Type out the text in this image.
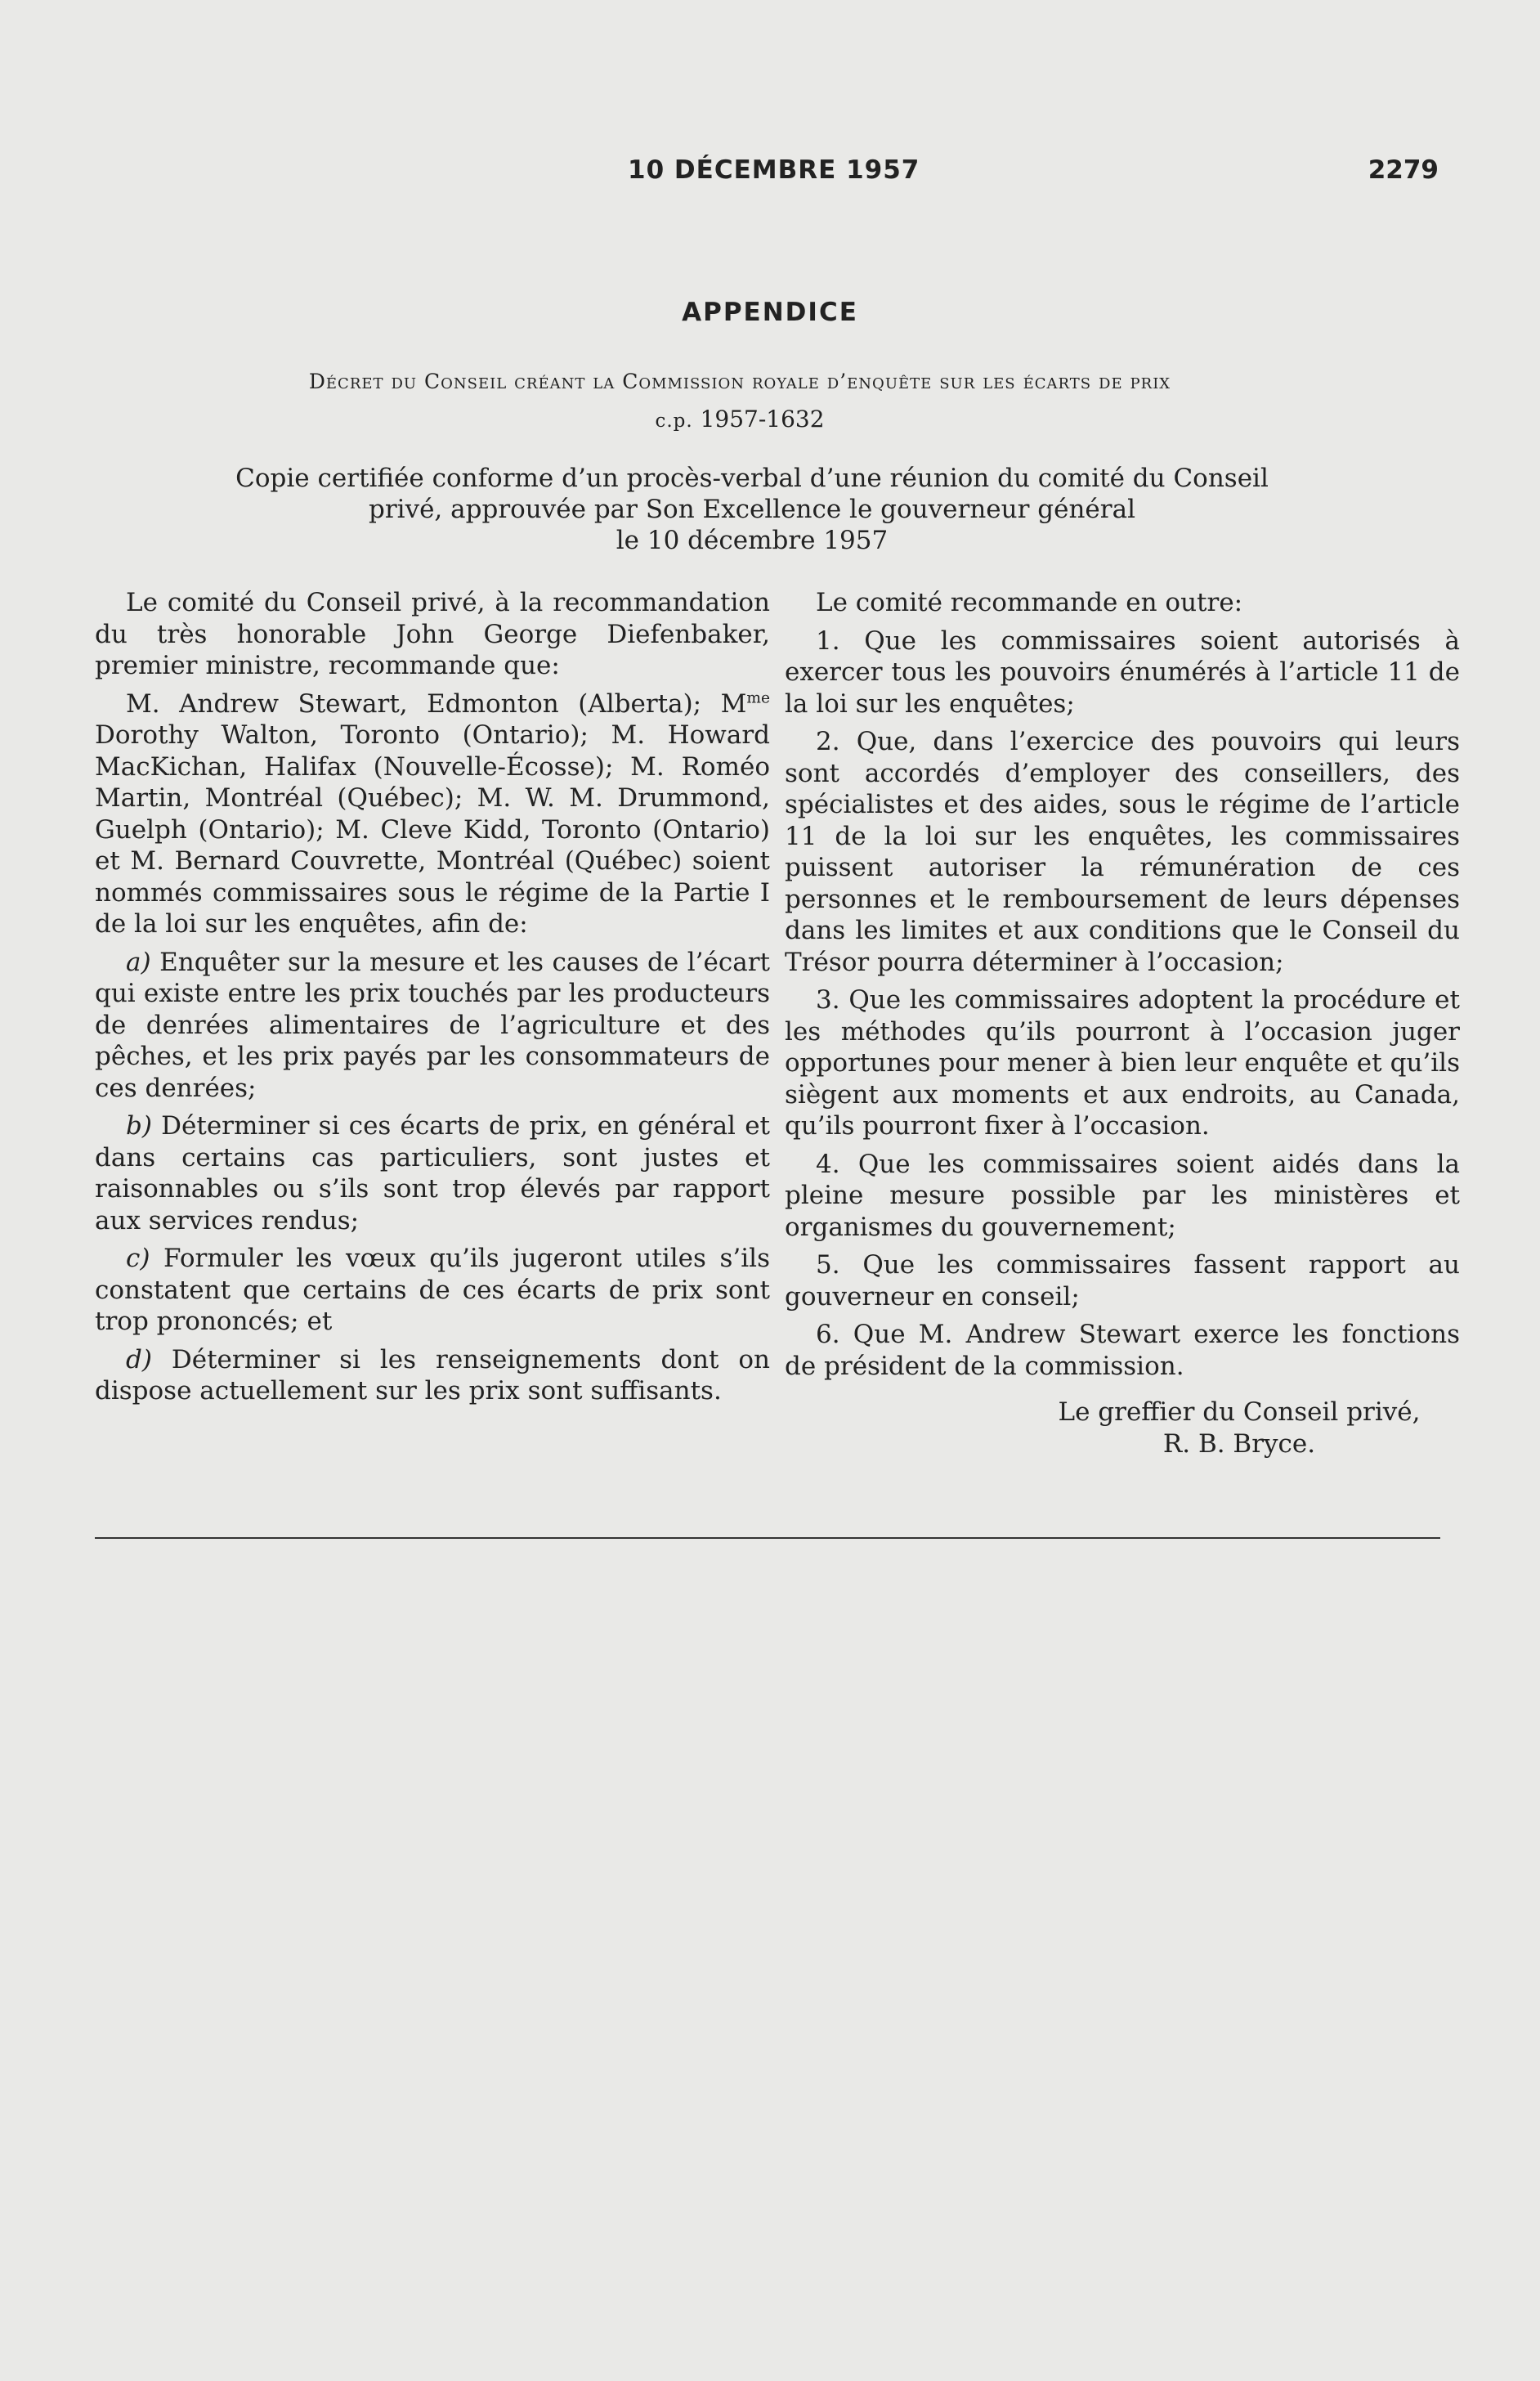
10 DÉCEMBRE 1957	2279
APPENDICE
Décret du Conseil créant la Commission royale d’enquête sur les écarts de prix
c.p. 1957-1632
Copie certifiée conforme d’un procès-verbal d’une réunion du comité du Conseil
privé, approuvée par Son Excellence le gouverneur général
le 10 décembre 1957

Le comité du Conseil privé, à la recommandation du très honorable John George Diefenbaker, premier ministre, recommande que:

M. Andrew Stewart, Edmonton (Alberta); $M^{me}$ Dorothy Walton, Toronto (Ontario); M. Howard MacKichan, Halifax (Nouvelle-Écosse); M. Roméo Martin, Montréal (Québec); M. W. M. Drummond, Guelph (Ontario); M. Cleve Kidd, Toronto (Ontario) et M. Bernard Couvrette, Montréal (Québec) soient nommés commissaires sous le régime de la Partie I de la loi sur les enquêtes, afin de:

a) Enquêter sur la mesure et les causes de l’écart qui existe entre les prix touchés par les producteurs de denrées alimentaires de l’agriculture et des pêches, et les prix payés par les consommateurs de ces denrées;

b) Déterminer si ces écarts de prix, en général et dans certains cas particuliers, sont justes et raisonnables ou s’ils sont trop élevés par rapport aux services rendus;

c) Formuler les vœux qu’ils jugeront utiles s’ils constatent que certains de ces écarts de prix sont trop prononcés; et

d) Déterminer si les renseignements dont on dispose actuellement sur les prix sont suffisants.

Le comité recommande en outre:

1. Que les commissaires soient autorisés à exercer tous les pouvoirs énumérés à l’article 11 de la loi sur les enquêtes;

2. Que, dans l’exercice des pouvoirs qui leurs sont accordés d’employer des conseillers, des spécialistes et des aides, sous le régime de l’article 11 de la loi sur les enquêtes, les commissaires puissent autoriser la rémunération de ces personnes et le remboursement de leurs dépenses dans les limites et aux conditions que le Conseil du Trésor pourra déterminer à l’occasion;

3. Que les commissaires adoptent la procédure et les méthodes qu’ils pourront à l’occasion juger opportunes pour mener à bien leur enquête et qu’ils siègent aux moments et aux endroits, au Canada, qu’ils pourront fixer à l’occasion.

4. Que les commissaires soient aidés dans la pleine mesure possible par les ministères et organismes du gouvernement;

5. Que les commissaires fassent rapport au gouverneur en conseil;

6. Que M. Andrew Stewart exerce les fonctions de président de la commission.

Le greffier du Conseil privé,
R. B. Bryce.
